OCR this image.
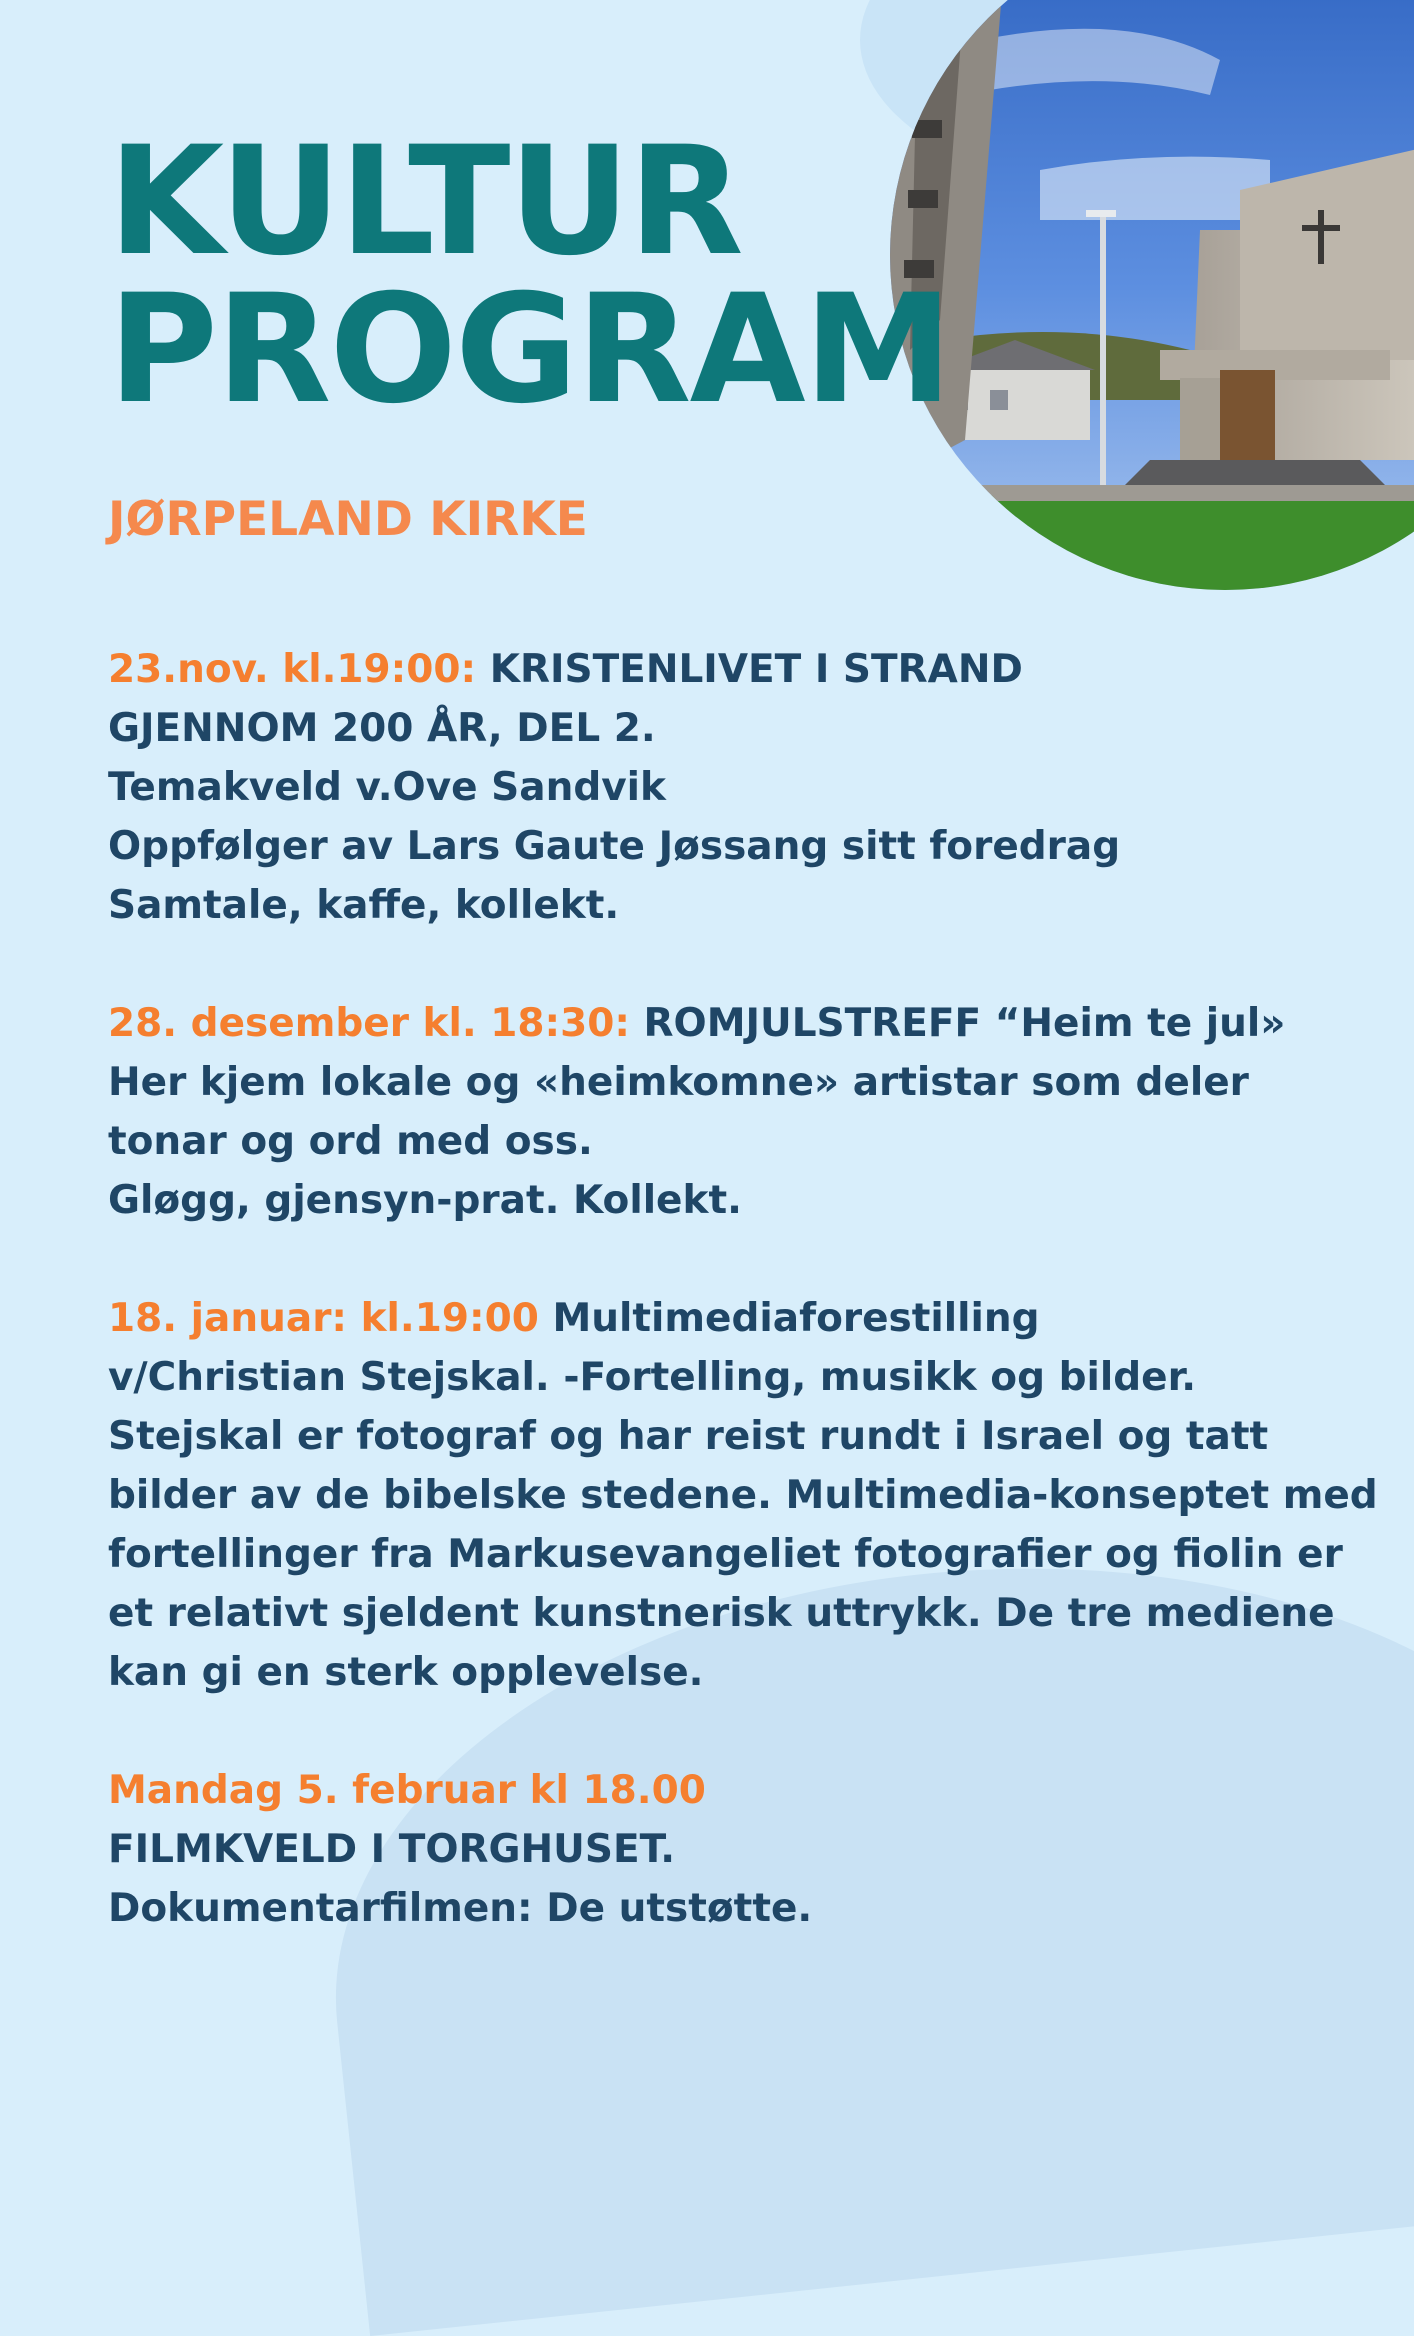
KULTUR
PROGRAM
JØRPELAND KIRKE
23.nov. kl.19:00: KRISTENLIVET I STRAND
GJENNOM 200 ÅR, DEL 2.
Temakveld v.Ove Sandvik
Oppfølger av Lars Gaute Jøssang sitt foredrag
Samtale, kaffe, kollekt.
28. desember kl. 18:30: ROMJULSTREFF “Heim te jul»
Her kjem lokale og «heimkomne» artistar som deler
tonar og ord med oss.
Gløgg, gjensyn-prat. Kollekt.
18. januar: kl.19:00 Multimediaforestilling
v/Christian Stejskal. -Fortelling, musikk og bilder.
Stejskal er fotograf og har reist rundt i Israel og tatt
bilder av de bibelske stedene. Multimedia-konseptet med
fortellinger fra Markusevangeliet fotografier og fiolin er
et relativt sjeldent kunstnerisk uttrykk. De tre mediene
kan gi en sterk opplevelse.
Mandag 5. februar kl 18.00
FILMKVELD I TORGHUSET.
Dokumentarfilmen: De utstøtte.
